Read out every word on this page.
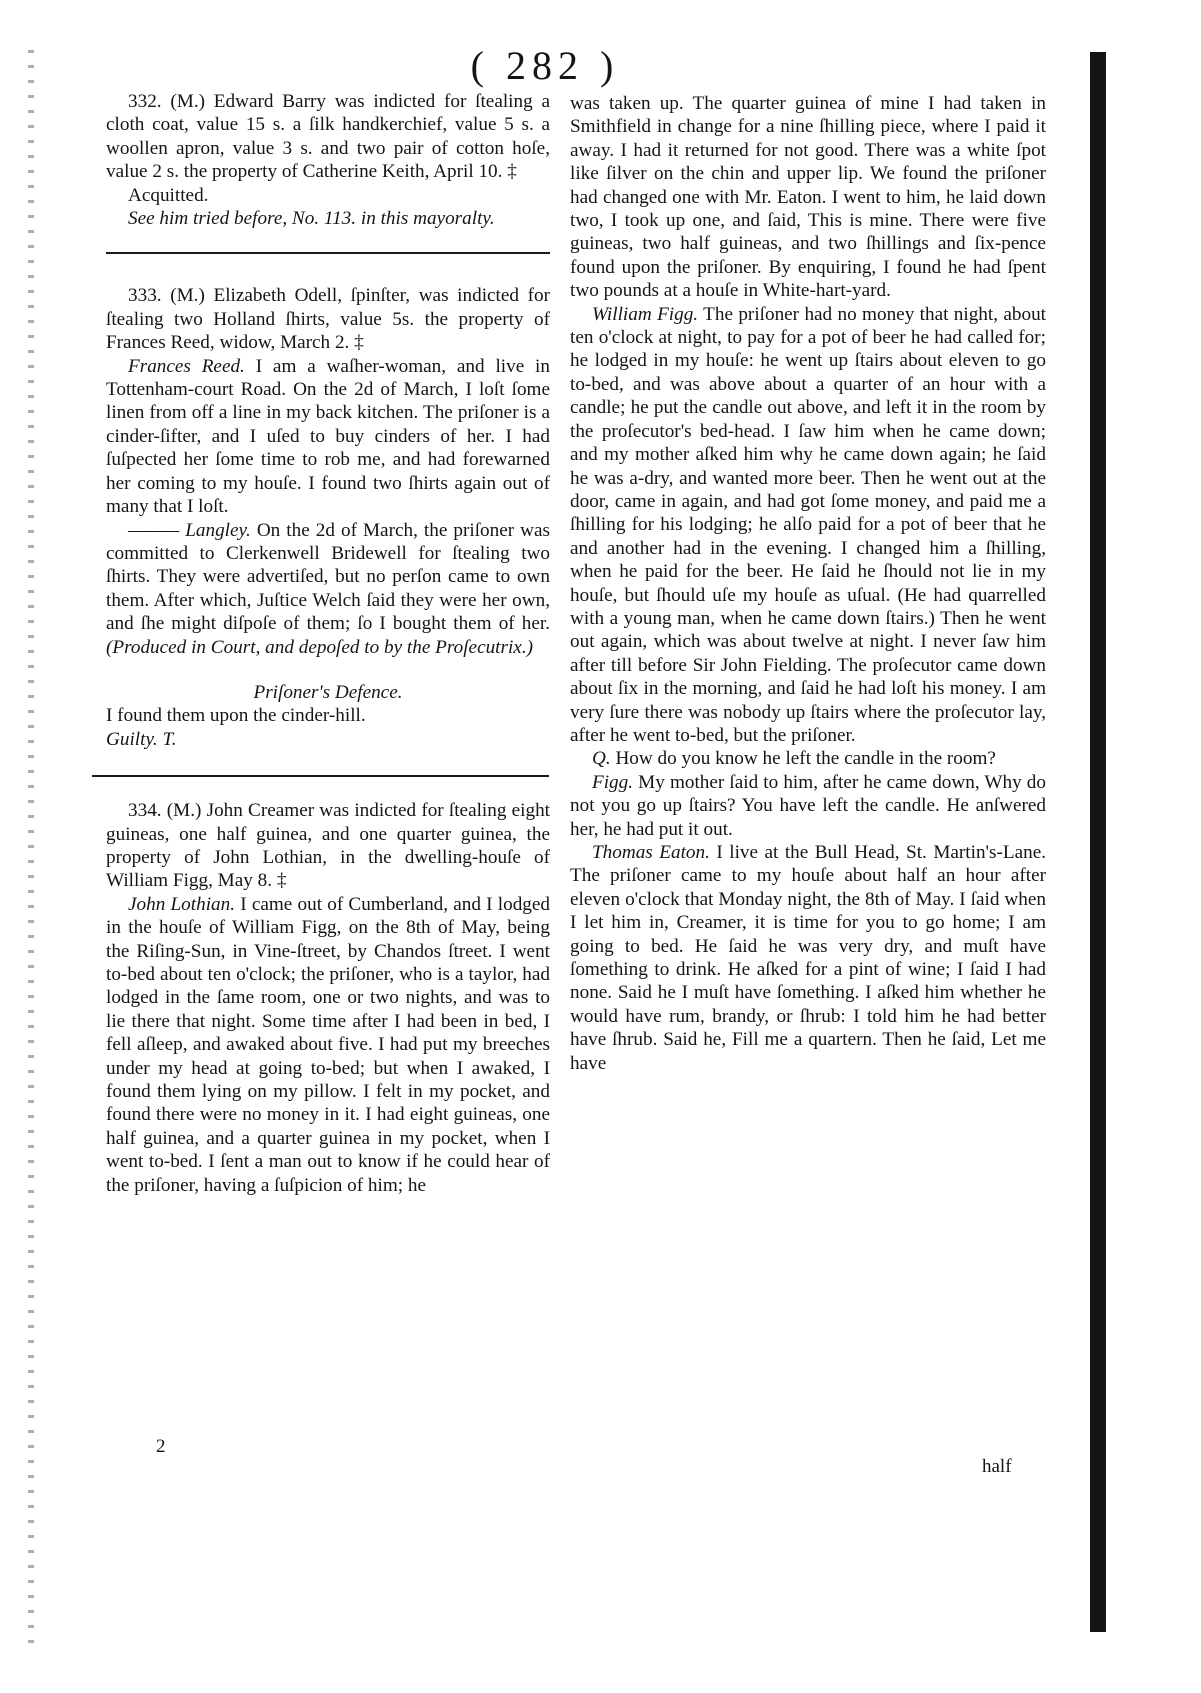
( 282 )

332. (M.) Edward Barry was indicted for ſtealing a cloth coat, value 15 s. a ſilk handkerchief, value 5 s. a woollen apron, value 3 s. and two pair of cotton hoſe, value 2 s. the property of Catherine Keith, April 10. ‡

Acquitted.

See him tried before, No. 113. in this mayoralty.

333. (M.) Elizabeth Odell, ſpinſter, was indicted for ſtealing two Holland ſhirts, value 5s. the property of Frances Reed, widow, March 2. ‡

Frances Reed. I am a waſher-woman, and live in Tottenham-court Road. On the 2d of March, I loſt ſome linen from off a line in my back kitchen. The priſoner is a cinder-ſifter, and I uſed to buy cinders of her. I had ſuſpected her ſome time to rob me, and had forewarned her coming to my houſe. I found two ſhirts again out of many that I loſt.

——— Langley. On the 2d of March, the priſoner was committed to Clerkenwell Bridewell for ſtealing two ſhirts. They were advertiſed, but no perſon came to own them. After which, Juſtice Welch ſaid they were her own, and ſhe might diſpoſe of them; ſo I bought them of her. (Produced in Court, and depoſed to by the Proſecutrix.)

Priſoner's Defence.

I found them upon the cinder-hill.

Guilty. T.

334. (M.) John Creamer was indicted for ſtealing eight guineas, one half guinea, and one quarter guinea, the property of John Lothian, in the dwelling-houſe of William Figg, May 8. ‡

John Lothian. I came out of Cumberland, and I lodged in the houſe of William Figg, on the 8th of May, being the Riſing-Sun, in Vine-ſtreet, by Chandos ſtreet. I went to-bed about ten o'clock; the priſoner, who is a taylor, had lodged in the ſame room, one or two nights, and was to lie there that night. Some time after I had been in bed, I fell aſleep, and awaked about five. I had put my breeches under my head at going to-bed; but when I awaked, I found them lying on my pillow. I felt in my pocket, and found there were no money in it. I had eight guineas, one half guinea, and a quarter guinea in my pocket, when I went to-bed. I ſent a man out to know if he could hear of the priſoner, having a ſuſpicion of him; he

2

was taken up. The quarter guinea of mine I had taken in Smithfield in change for a nine ſhilling piece, where I paid it away. I had it returned for not good. There was a white ſpot like ſilver on the chin and upper lip. We found the priſoner had changed one with Mr. Eaton. I went to him, he laid down two, I took up one, and ſaid, This is mine. There were five guineas, two half guineas, and two ſhillings and ſix-pence found upon the priſoner. By enquiring, I found he had ſpent two pounds at a houſe in White-hart-yard.

William Figg. The priſoner had no money that night, about ten o'clock at night, to pay for a pot of beer he had called for; he lodged in my houſe: he went up ſtairs about eleven to go to-bed, and was above about a quarter of an hour with a candle; he put the candle out above, and left it in the room by the proſecutor's bed-head. I ſaw him when he came down; and my mother aſked him why he came down again; he ſaid he was a-dry, and wanted more beer. Then he went out at the door, came in again, and had got ſome money, and paid me a ſhilling for his lodging; he alſo paid for a pot of beer that he and another had in the evening. I changed him a ſhilling, when he paid for the beer. He ſaid he ſhould not lie in my houſe, but ſhould uſe my houſe as uſual. (He had quarrelled with a young man, when he came down ſtairs.) Then he went out again, which was about twelve at night. I never ſaw him after till before Sir John Fielding. The proſecutor came down about ſix in the morning, and ſaid he had loſt his money. I am very ſure there was nobody up ſtairs where the proſecutor lay, after he went to-bed, but the priſoner.

Q. How do you know he left the candle in the room?

Figg. My mother ſaid to him, after he came down, Why do not you go up ſtairs? You have left the candle. He anſwered her, he had put it out.

Thomas Eaton. I live at the Bull Head, St. Martin's-Lane. The priſoner came to my houſe about half an hour after eleven o'clock that Monday night, the 8th of May. I ſaid when I let him in, Creamer, it is time for you to go home; I am going to bed. He ſaid he was very dry, and muſt have ſomething to drink. He aſked for a pint of wine; I ſaid I had none. Said he I muſt have ſomething. I aſked him whether he would have rum, brandy, or ſhrub: I told him he had better have ſhrub. Said he, Fill me a quartern. Then he ſaid, Let me have

half
